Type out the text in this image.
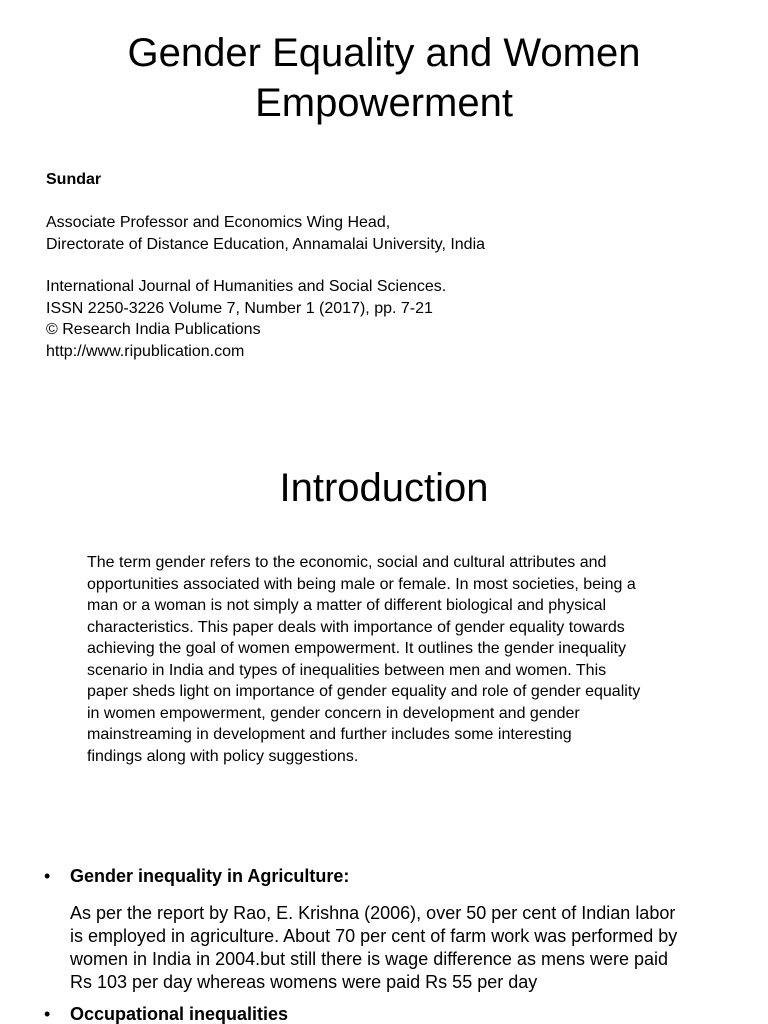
Gender Equality and Women
Empowerment
Sundar
Associate Professor and Economics Wing Head,
Directorate of Distance Education, Annamalai University, India
International Journal of Humanities and Social Sciences.
ISSN 2250-3226 Volume 7, Number 1 (2017), pp. 7-21
© Research India Publications
http://www.ripublication.com
Introduction
The term gender refers to the economic, social and cultural attributes and
opportunities associated with being male or female. In most societies, being a
man or a woman is not simply a matter of different biological and physical
characteristics. This paper deals with importance of gender equality towards
achieving the goal of women empowerment. It outlines the gender inequality
scenario in India and types of inequalities between men and women. This
paper sheds light on importance of gender equality and role of gender equality
in women empowerment, gender concern in development and gender
mainstreaming in development and further includes some interesting
findings along with policy suggestions.
• Gender inequality in Agriculture:
As per the report by Rao, E. Krishna (2006), over 50 per cent of Indian labor
is employed in agriculture. About 70 per cent of farm work was performed by
women in India in 2004.but still there is wage difference as mens were paid
Rs 103 per day whereas womens were paid Rs 55 per day
• Occupational inequalities
